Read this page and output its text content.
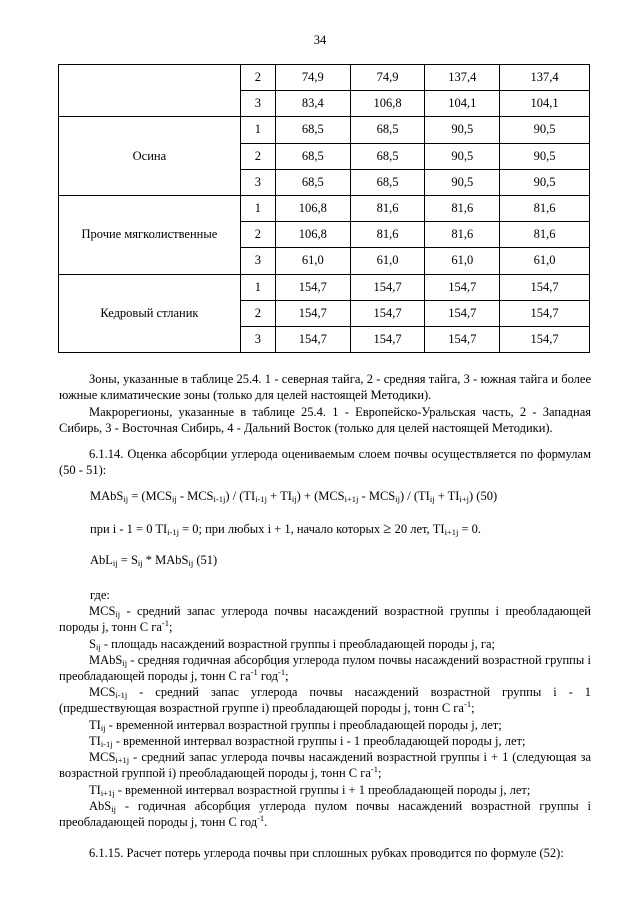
34
	2	74,9	74,9	137,4	137,4
	3	83,4	106,8	104,1	104,1
Осина	1	68,5	68,5	90,5	90,5
	2	68,5	68,5	90,5	90,5
	3	68,5	68,5	90,5	90,5
Прочие мягколиственные	1	106,8	81,6	81,6	81,6
	2	106,8	81,6	81,6	81,6
	3	61,0	61,0	61,0	61,0
Кедровый стланик	1	154,7	154,7	154,7	154,7
	2	154,7	154,7	154,7	154,7
	3	154,7	154,7	154,7	154,7
Зоны, указанные в таблице 25.4. 1 - северная тайга, 2 - средняя тайга, 3 - южная тайга и более южные климатические зоны (только для целей настоящей Методики).
Макрорегионы, указанные в таблице 25.4. 1 - Европейско-Уральская часть, 2 - Западная Сибирь, 3 - Восточная Сибирь, 4 - Дальний Восток (только для целей настоящей Методики).
6.1.14. Оценка абсорбции углерода оцениваемым слоем почвы осуществляется по формулам (50 - 51):
MAbS$_{ij}$ = $(MCS_{ij} - MCS_{i-1j}) / (TI_{i-1j} + TI_{ij}) + (MCS_{i+1j} - MCS_{ij}) / (TI_{ij} + TI_{i+j})$ (50)
при i - 1 = 0 $TI_{i-1j} = 0$; при любых i + 1, начало которых ≥ 20 лет, $TI_{i+1j} = 0$.
$AbL_{ij} = S_{ij}$ * MAbS$_{ij}$ (51)
где:
$MCS_{ij}$ - средний запас углерода почвы насаждений возрастной группы i преобладающей породы j, тонн С $га^{-1}$;
$S_{ij}$ - площадь насаждений возрастной группы i преобладающей породы j, га;
MAbS$_{ij}$ - средняя годичная абсорбция углерода пулом почвы насаждений возрастной группы i преобладающей породы j, тонн С $га^{-1}$ год$^{-1}$;
$MCS_{i-1j}$ - средний запас углерода почвы насаждений возрастной группы i - 1 (предшествующая возрастной группе i) преобладающей породы j, тонн С $га^{-1}$;
$TI_{ij}$ - временной интервал возрастной группы i преобладающей породы j, лет;
$TI_{i-1j}$ - временной интервал возрастной группы i - 1 преобладающей породы j, лет;
$MCS_{i+1j}$ - средний запас углерода почвы насаждений возрастной группы i + 1 (следующая за возрастной группой i) преобладающей породы j, тонн С $га^{-1}$;
$TI_{i+1j}$ - временной интервал возрастной группы i + 1 преобладающей породы j, лет;
AbS$_{ij}$ - годичная абсорбция углерода пулом почвы насаждений возрастной группы i преобладающей породы j, тонн С год$^{-1}$.
6.1.15. Расчет потерь углерода почвы при сплошных рубках проводится по формуле (52):
